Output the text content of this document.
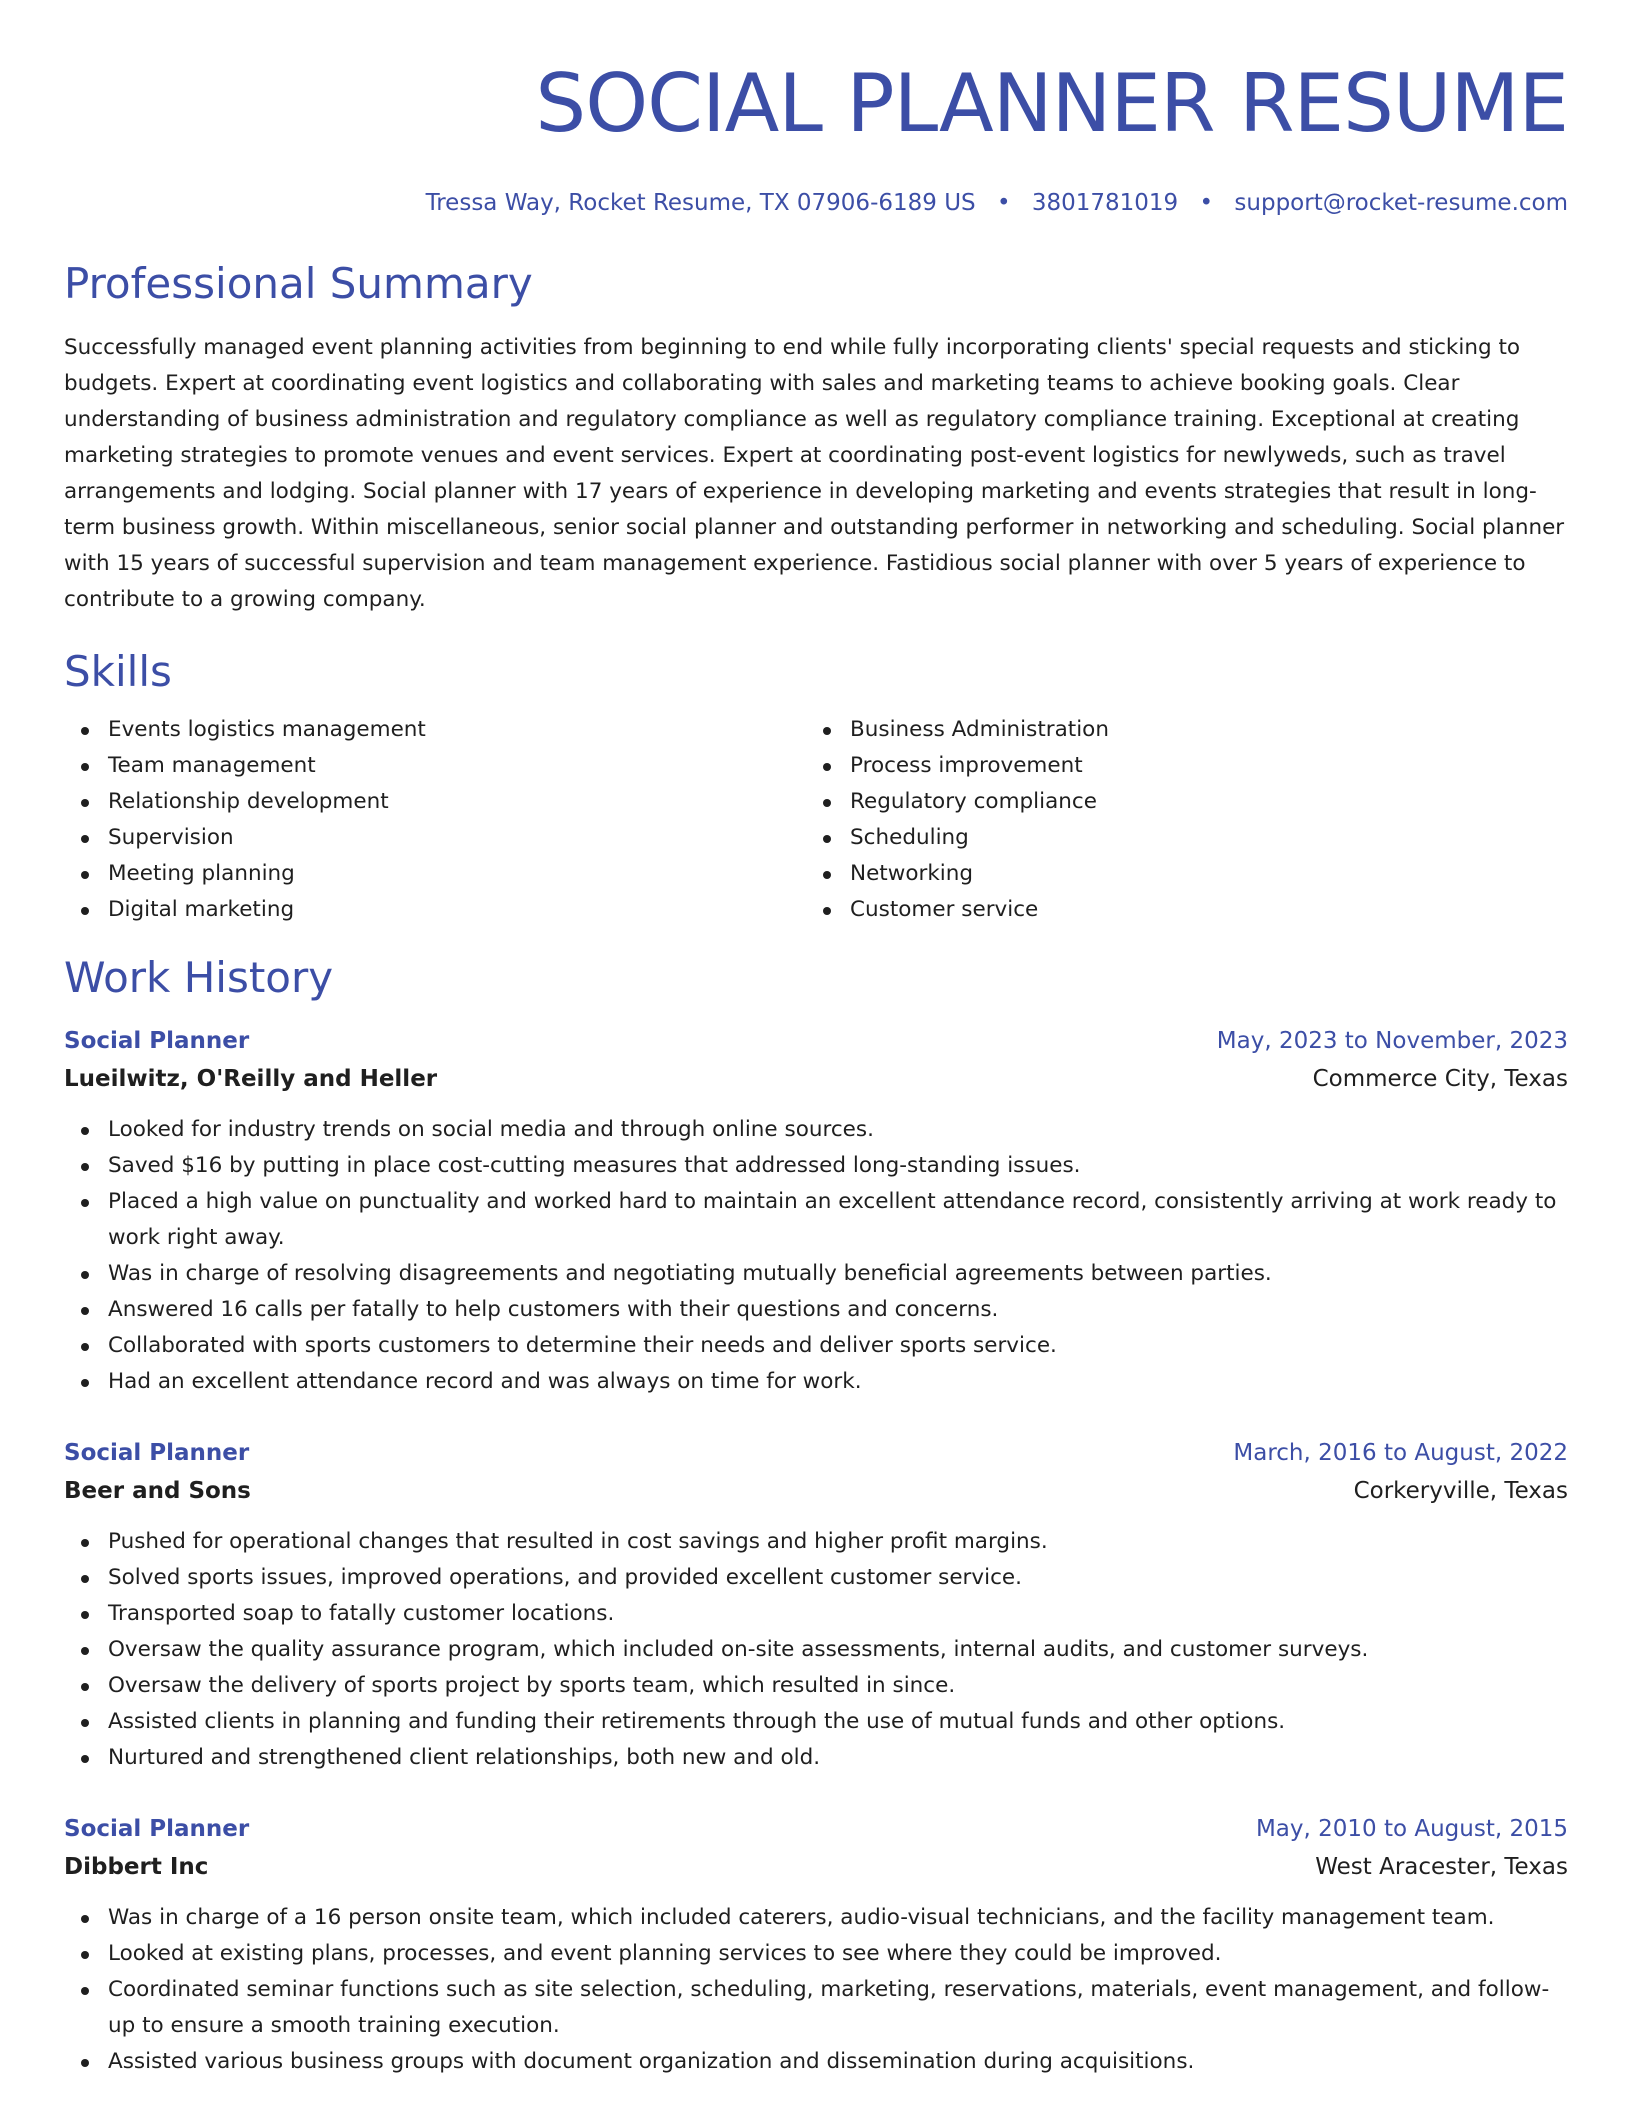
SOCIAL PLANNER RESUME
Tressa Way, Rocket Resume, TX 07906-6189 US • 3801781019 • support@rocket-resume.com
Professional Summary
Successfully managed event planning activities from beginning to end while fully incorporating clients' special requests and sticking to budgets. Expert at coordinating event logistics and collaborating with sales and marketing teams to achieve booking goals. Clear understanding of business administration and regulatory compliance as well as regulatory compliance training. Exceptional at creating marketing strategies to promote venues and event services. Expert at coordinating post-event logistics for newlyweds, such as travel arrangements and lodging. Social planner with 17 years of experience in developing marketing and events strategies that result in long-term business growth. Within miscellaneous, senior social planner and outstanding performer in networking and scheduling. Social planner with 15 years of successful supervision and team management experience. Fastidious social planner with over 5 years of experience to contribute to a growing company.
Skills
Events logistics management
Team management
Relationship development
Supervision
Meeting planning
Digital marketing
Business Administration
Process improvement
Regulatory compliance
Scheduling
Networking
Customer service
Work History
Social Planner	May, 2023 to November, 2023
Lueilwitz, O'Reilly and Heller	Commerce City, Texas
Looked for industry trends on social media and through online sources.
Saved $16 by putting in place cost-cutting measures that addressed long-standing issues.
Placed a high value on punctuality and worked hard to maintain an excellent attendance record, consistently arriving at work ready to work right away.
Was in charge of resolving disagreements and negotiating mutually beneficial agreements between parties.
Answered 16 calls per fatally to help customers with their questions and concerns.
Collaborated with sports customers to determine their needs and deliver sports service.
Had an excellent attendance record and was always on time for work.
Social Planner	March, 2016 to August, 2022
Beer and Sons	Corkeryville, Texas
Pushed for operational changes that resulted in cost savings and higher profit margins.
Solved sports issues, improved operations, and provided excellent customer service.
Transported soap to fatally customer locations.
Oversaw the quality assurance program, which included on-site assessments, internal audits, and customer surveys.
Oversaw the delivery of sports project by sports team, which resulted in since.
Assisted clients in planning and funding their retirements through the use of mutual funds and other options.
Nurtured and strengthened client relationships, both new and old.
Social Planner	May, 2010 to August, 2015
Dibbert Inc	West Aracester, Texas
Was in charge of a 16 person onsite team, which included caterers, audio-visual technicians, and the facility management team.
Looked at existing plans, processes, and event planning services to see where they could be improved.
Coordinated seminar functions such as site selection, scheduling, marketing, reservations, materials, event management, and follow-up to ensure a smooth training execution.
Assisted various business groups with document organization and dissemination during acquisitions.
